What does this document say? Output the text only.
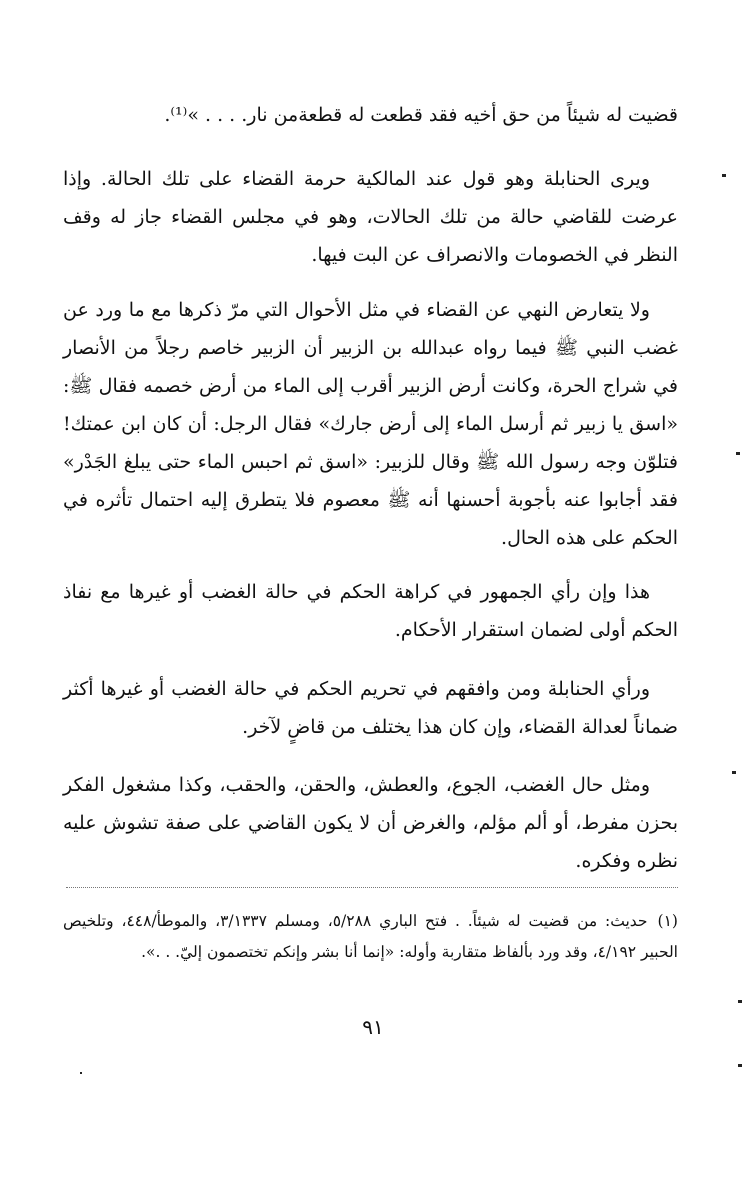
قضيت له شيئاً من حق أخيه فقد قطعت له قطعةمن نار. . . . »⁽¹⁾.

ويرى الحنابلة وهو قول عند المالكية حرمة القضاء على تلك الحالة. وإذا عرضت للقاضي حالة من تلك الحالات، وهو في مجلس القضاء جاز له وقف النظر في الخصومات والانصراف عن البت فيها.

ولا يتعارض النهي عن القضاء في مثل الأحوال التي مرّ ذكرها مع ما ورد عن غضب النبي ﷺ فيما رواه عبدالله بن الزبير أن الزبير خاصم رجلاً من الأنصار في شراج الحرة، وكانت أرض الزبير أقرب إلى الماء من أرض خصمه فقال ﷺ: «اسق يا زبير ثم أرسل الماء إلى أرض جارك» فقال الرجل: أن كان ابن عمتك! فتلوّن وجه رسول الله ﷺ وقال للزبير: «اسق ثم احبس الماء حتى يبلغ الجَدْر» فقد أجابوا عنه بأجوبة أحسنها أنه ﷺ معصوم فلا يتطرق إليه احتمال تأثره في الحكم على هذه الحال.

هذا وإن رأي الجمهور في كراهة الحكم في حالة الغضب أو غيرها مع نفاذ الحكم أولى لضمان استقرار الأحكام.

ورأي الحنابلة ومن وافقهم في تحريم الحكم في حالة الغضب أو غيرها أكثر ضماناً لعدالة القضاء، وإن كان هذا يختلف من قاضٍ لآخر.

ومثل حال الغضب، الجوع، والعطش، والحقن، والحقب، وكذا مشغول الفكر بحزن مفرط، أو ألم مؤلم، والغرض أن لا يكون القاضي على صفة تشوش عليه نظره وفكره.

(١)حديث: من قضيت له شيئاً. . فتح الباري ٥/٢٨٨، ومسلم ٣/١٣٣٧، والموطأ/٤٤٨، وتلخيص الحبير ٤/١٩٢، وقد ورد بألفاظ متقاربة وأوله: «إنما أنا بشر وإنكم تختصمون إليّ. . .».

٩١
